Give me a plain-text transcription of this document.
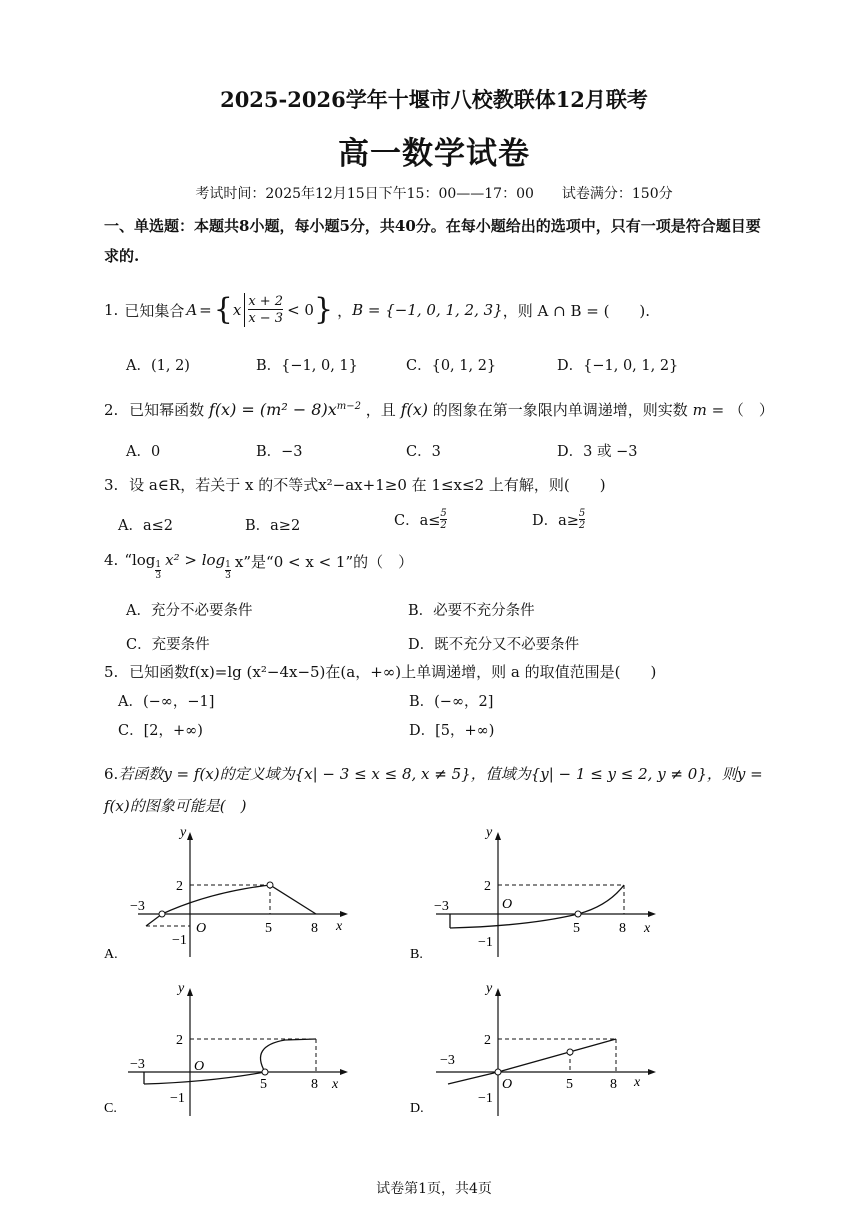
2025-2026学年十堰市八校教联体12月联考
高一数学试卷
考试时间：2025年12月15日下午15：00——17：00　　试卷满分：150分
一、单选题：本题共8小题，每小题5分，共40分。在每小题给出的选项中，只有一项是符合题目要求的.
1. 已知集合 A = { x $\frac{x + 2}{x - 3} < 0$ } ， B = {−1, 0, 1, 2, 3} ，则 A ∩ B = (　　).
A．(1, 2)	B．{−1, 0, 1}	C．{0, 1, 2}	D．{−1, 0, 1, 2}
2. 已知幂函数 $f(x) = (m^2 - 8)x^{m-2}$ ，且 f(x) 的图象在第一象限内单调递增，则实数 m = （　）
A．0	B．−3	C．3	D．3 或 −3
3. 设 a∈R，若关于 x 的不等式x²−ax+1≥0 在 1≤x≤2 上有解，则(　　)
A．a≤2	B．a≥2	C．$a\le \frac{5}{2}$	D．$a\ge \frac{5}{2}$
4. “$\log \frac{1}{3} x^2 > \log \frac{1}{3} x$”是“0 < x < 1”的（　）
A．充分不必要条件	B．必要不充分条件
C．充要条件	D．既不充分又不必要条件
5. 已知函数f(x)=lg (x²−4x−5)在(a，+∞)上单调递增，则 a 的取值范围是(　　)
A．(−∞，−1]	B．(−∞，2]
C．[2，+∞)	D．[5，+∞)
6.若函数y = f(x)的定义域为{x| − 3 ≤ x ≤ 8, x ≠ 5}，值域为{y| − 1 ≤ y ≤ 2, y ≠ 0}，则y = f(x)的图象可能是(　)
y
x
O
−3
−1
2
5	8
A.
y
x
O
−3
−1
2
5	8
B.
y
x
O
−3
−1
2
5	8
C.
y
x
O
−3
−1
2
5	8
D.
试卷第1页，共4页
